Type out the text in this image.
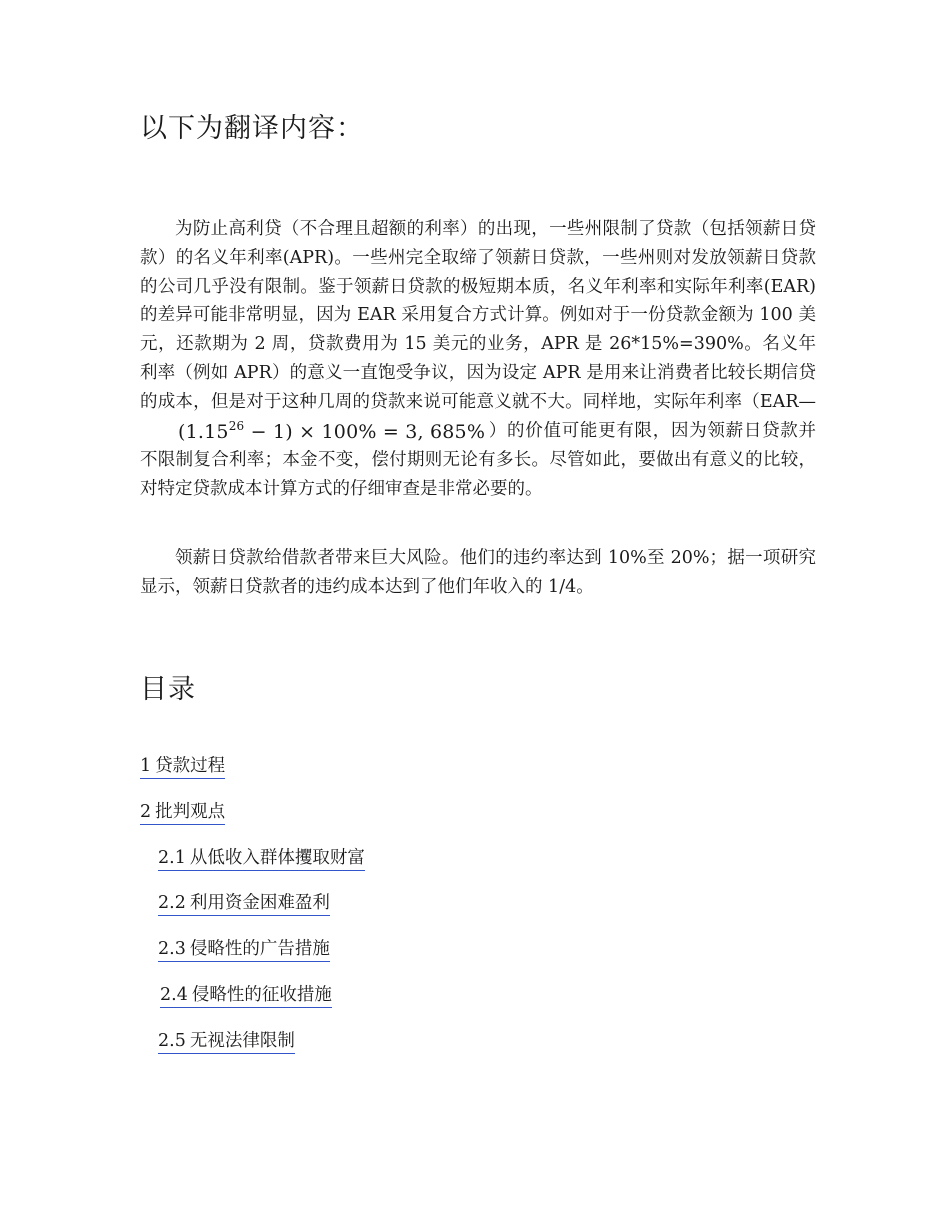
以下为翻译内容：

为防止高利贷（不合理且超额的利率）的出现，一些州限制了贷款（包括领薪日贷款）的名义年利率(APR)。一些州完全取缔了领薪日贷款，一些州则对发放领薪日贷款的公司几乎没有限制。鉴于领薪日贷款的极短期本质，名义年利率和实际年利率(EAR)的差异可能非常明显，因为 EAR 采用复合方式计算。例如对于一份贷款金额为 100 美元，还款期为 2 周，贷款费用为 15 美元的业务，APR 是 26*15%=390%。名义年利率（例如 APR）的意义一直饱受争议，因为设定 APR 是用来让消费者比较长期信贷的成本，但是对于这种几周的贷款来说可能意义就不大。同样地，实际年利率（$EAR—(1.15^{26} - 1) \times 100\% = 3$, 685% ）的价值可能更有限，因为领薪日贷款并不限制复合利率；本金不变，偿付期则无论有多长。尽管如此，要做出有意义的比较，对特定贷款成本计算方式的仔细审查是非常必要的。

领薪日贷款给借款者带来巨大风险。他们的违约率达到 10%至 20%；据一项研究显示，领薪日贷款者的违约成本达到了他们年收入的 1/4。

目录
1 贷款过程
2 批判观点
2.1 从低收入群体攫取财富
2.2 利用资金困难盈利
2.3 侵略性的广告措施
2.4 侵略性的征收措施
2.5 无视法律限制
